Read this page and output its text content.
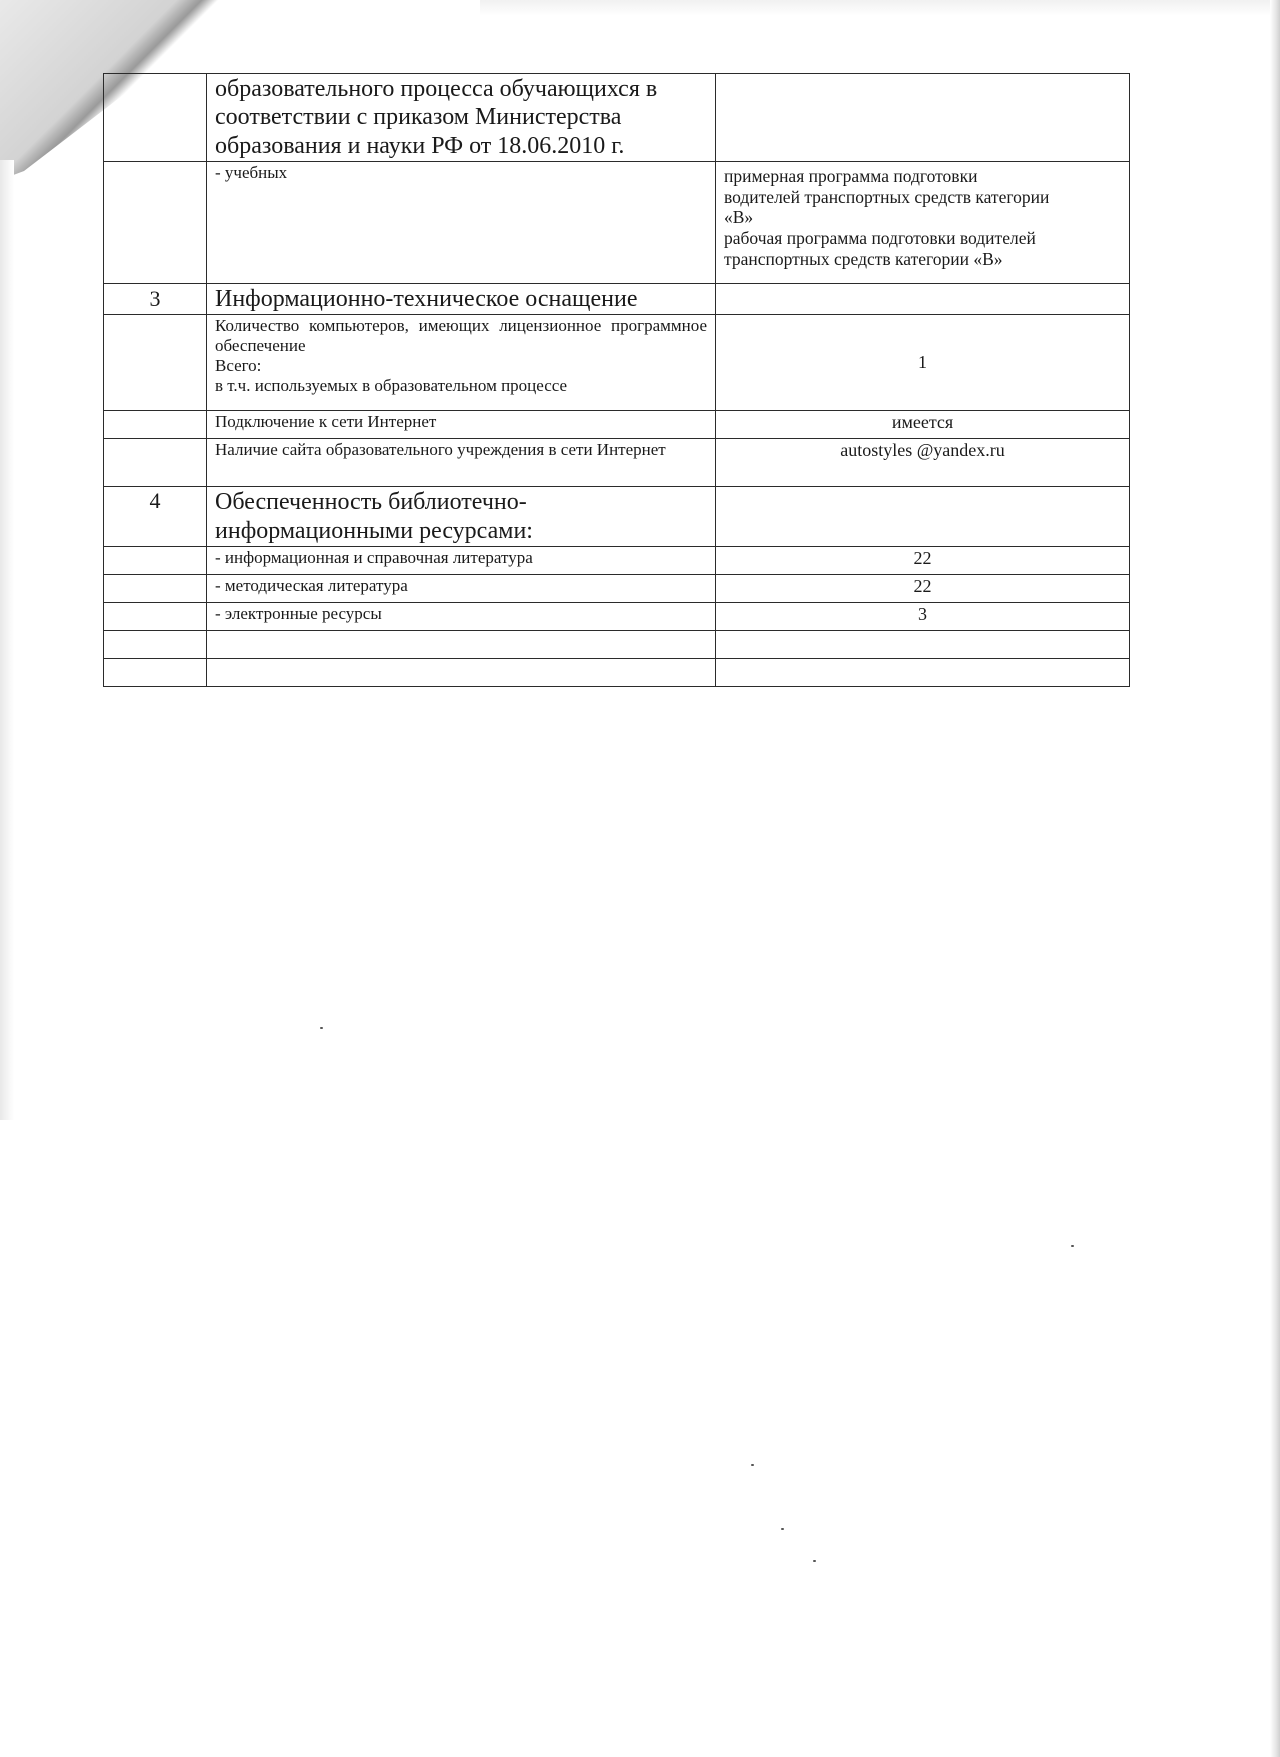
	образовательного процесса обучающихся в
соответствии с приказом Министерства
образования и науки РФ от 18.06.2010 г.	

	- учебных	примерная программа подготовки
водителей транспортных средств категории
«В»
рабочая программа подготовки водителей
транспортных средств категории «В»

3	Информационно-техническое оснащение	

	Количество компьютеров, имеющих лицензионное программное обеспечение
Всего:
в т.ч. используемых в образовательном процессе	1

	Подключение к сети Интернет	имеется

	Наличие сайта образовательного учреждения в сети Интернет	autostyles @yandex.ru

4	Обеспеченность библиотечно-
информационными ресурсами:	

	- информационная и справочная литература	22

	- методическая литература	22

	- электронные ресурсы	3
